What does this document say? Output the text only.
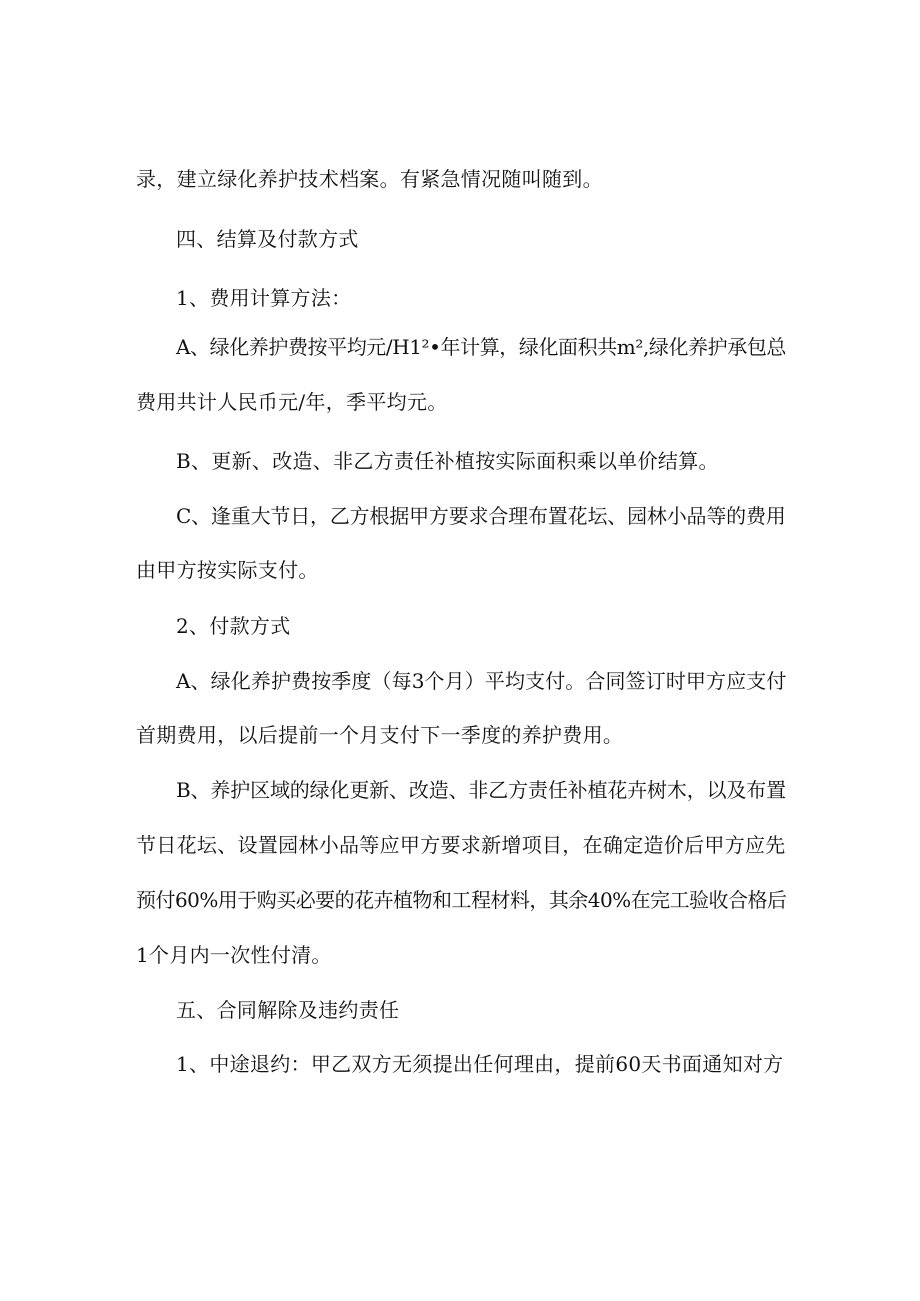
录，建立绿化养护技术档案。有紧急情况随叫随到。
四、结算及付款方式
1、费用计算方法：
A、绿化养护费按平均元/H1²•年计算，绿化面积共m²,绿化养护承包总
费用共计人民币元/年，季平均元。
B、更新、改造、非乙方责任补植按实际面积乘以单价结算。
C、逢重大节日，乙方根据甲方要求合理布置花坛、园林小品等的费用
由甲方按实际支付。
2、付款方式
A、绿化养护费按季度（每3个月）平均支付。合同签订时甲方应支付
首期费用，以后提前一个月支付下一季度的养护费用。
B、养护区域的绿化更新、改造、非乙方责任补植花卉树木，以及布置
节日花坛、设置园林小品等应甲方要求新增项目，在确定造价后甲方应先
预付60%用于购买必要的花卉植物和工程材料，其余40%在完工验收合格后
1个月内一次性付清。
五、合同解除及违约责任
1、中途退约：甲乙双方无须提出任何理由，提前60天书面通知对方
